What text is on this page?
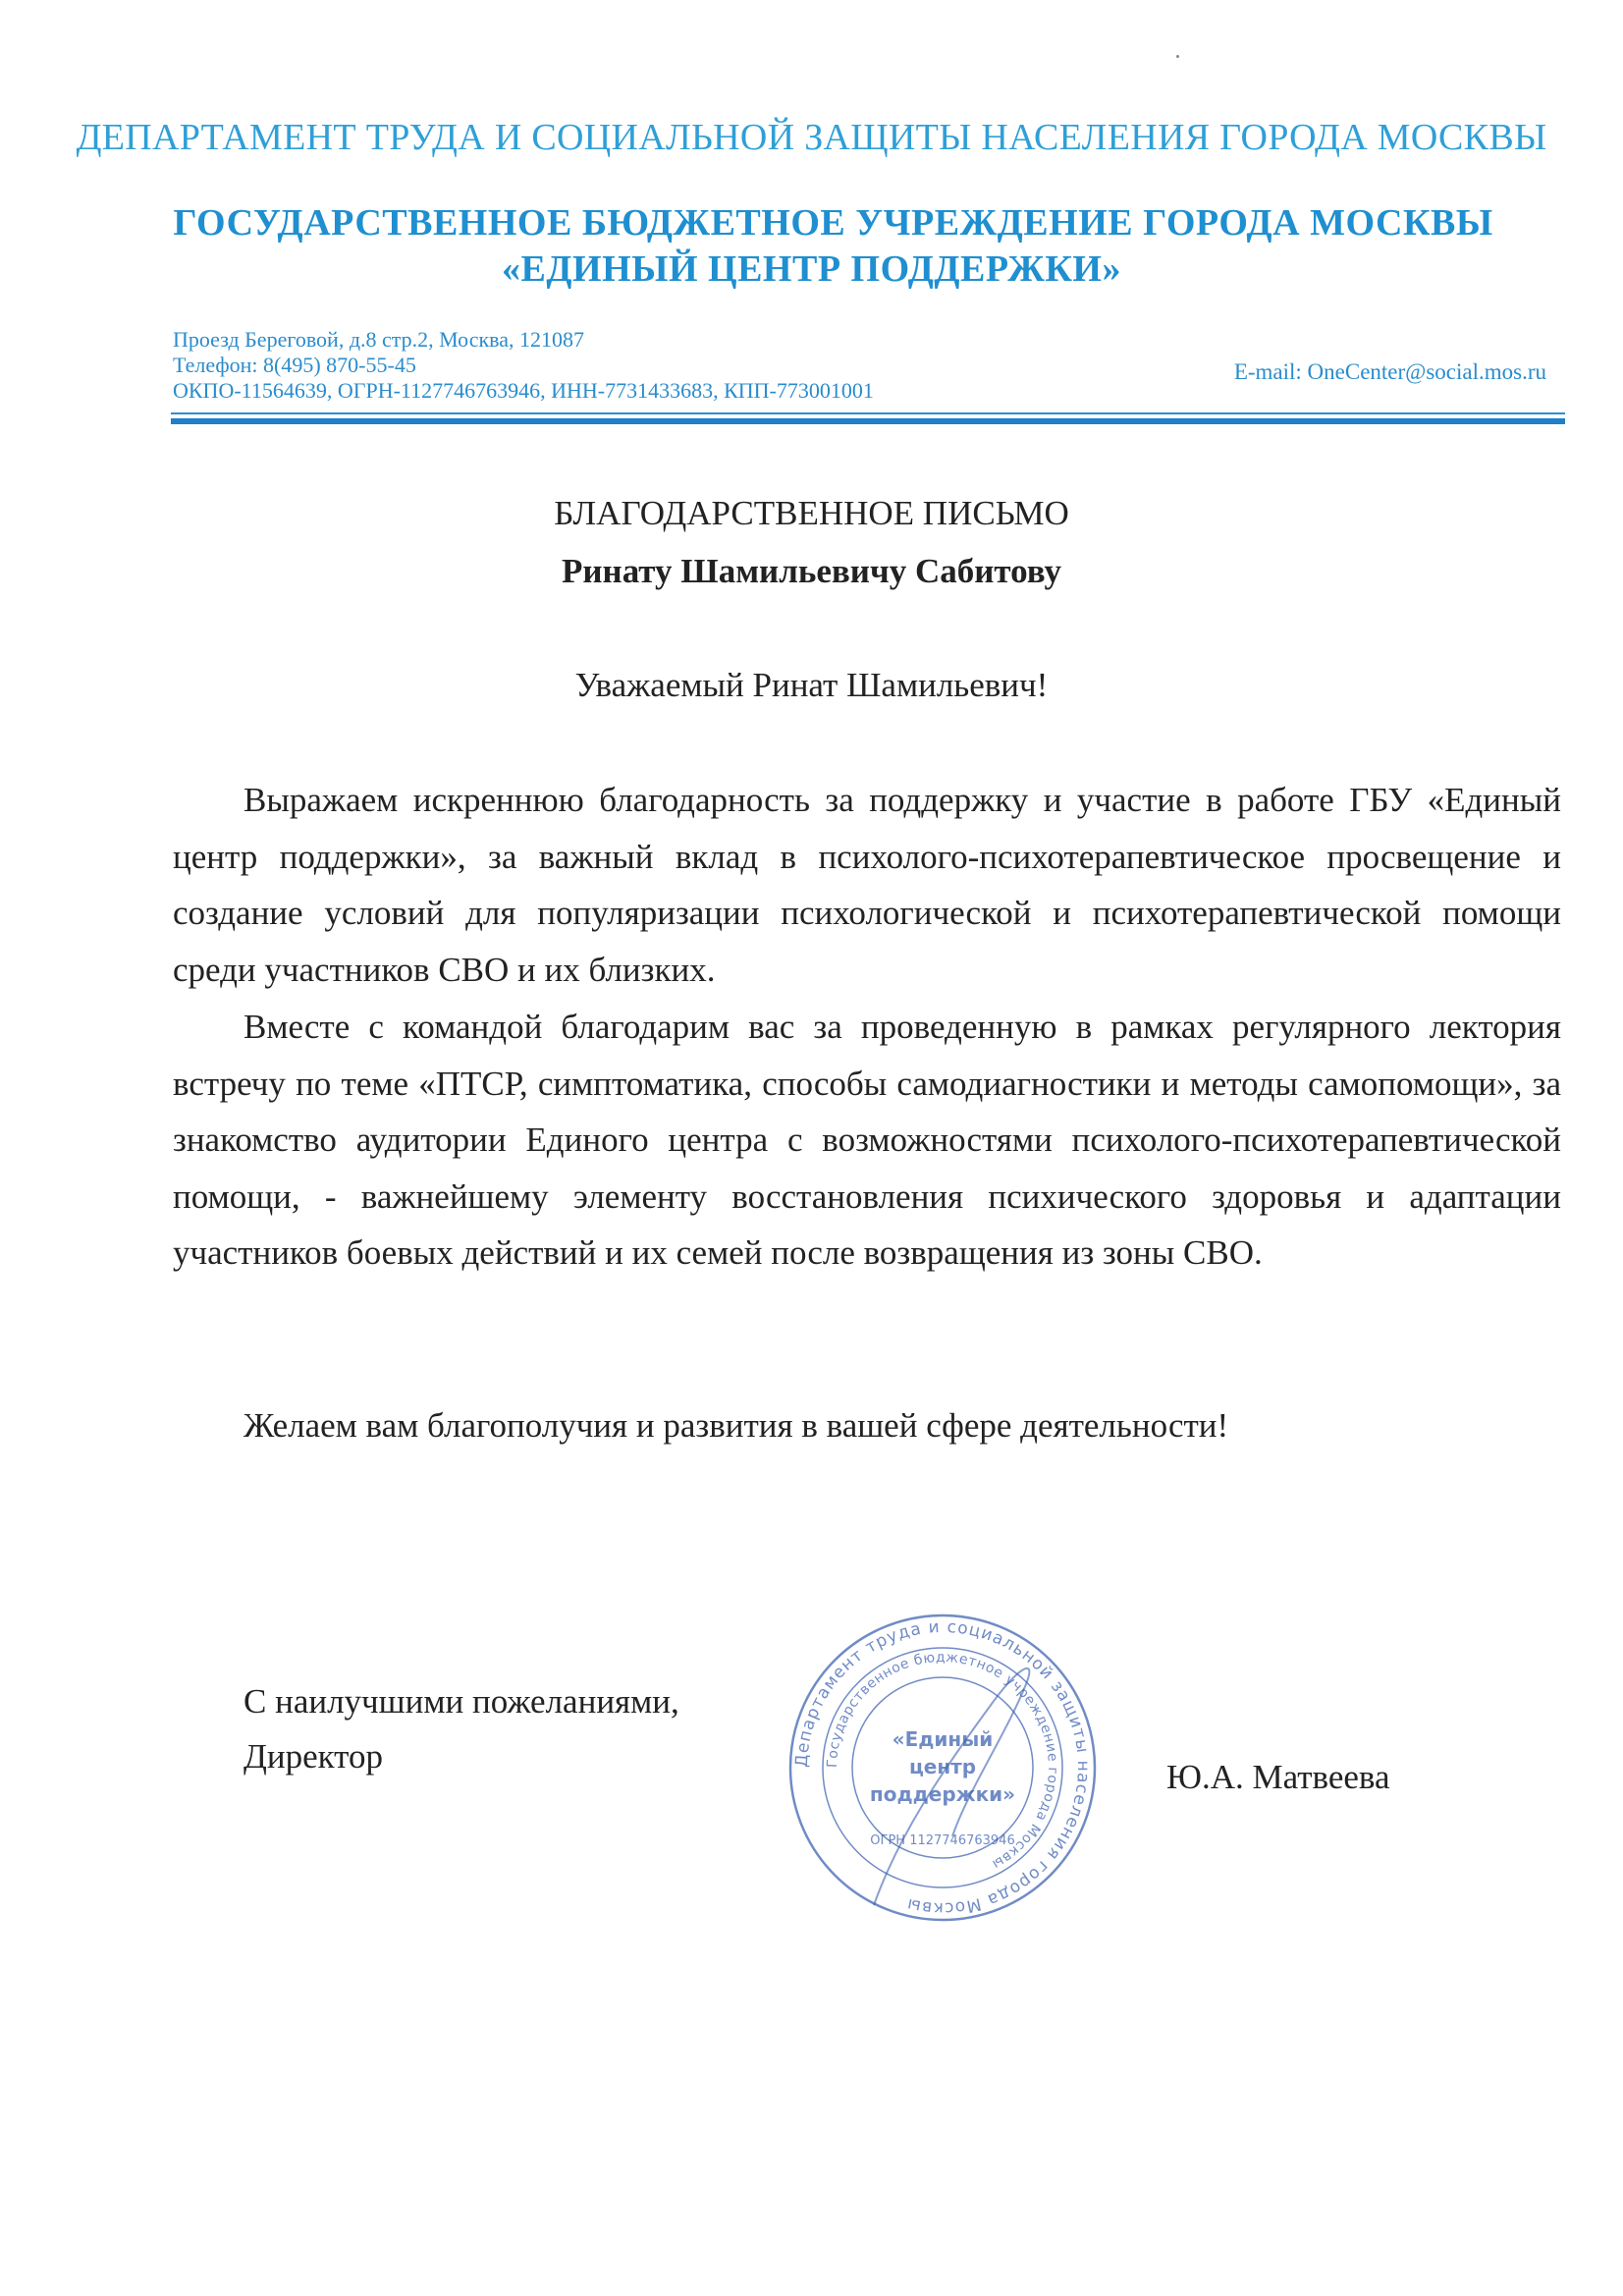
ДЕПАРТАМЕНТ ТРУДА И СОЦИАЛЬНОЙ ЗАЩИТЫ НАСЕЛЕНИЯ ГОРОДА МОСКВЫ
ГОСУДАРСТВЕННОЕ БЮДЖЕТНОЕ УЧРЕЖДЕНИЕ ГОРОДА МОСКВЫ
«ЕДИНЫЙ ЦЕНТР ПОДДЕРЖКИ»
Проезд Береговой, д.8 стр.2, Москва, 121087
Телефон: 8(495) 870-55-45
ОКПО-11564639, ОГРН-1127746763946, ИНН-7731433683, КПП-773001001
E-mail: OneCenter@social.mos.ru
БЛАГОДАРСТВЕННОЕ ПИСЬМО
Ринату Шамильевичу Сабитову
Уважаемый Ринат Шамильевич!

Выражаем искреннюю благодарность за поддержку и участие в работе ГБУ «Единый центр поддержки», за важный вклад в психолого-психотерапевтическое просвещение и создание условий для популяризации психологической и психотерапевтической помощи среди участников СВО и их близких.

Вместе с командой благодарим вас за проведенную в рамках регулярного лектория встречу по теме «ПТСР, симптоматика, способы самодиагностики и методы самопомощи», за знакомство аудитории Единого центра с возможностями психолого-психотерапевтической помощи, - важнейшему элементу восстановления психического здоровья и адаптации участников боевых действий и их семей после возвращения из зоны СВО.

Желаем вам благополучия и развития в вашей сфере деятельности!
С наилучшими пожеланиями,
Директор	Департамент труда и социальной защиты населения города Москвы
Государственное бюджетное учреждение города Москвы
«Единый
центр
поддержки»
ОГРН 1127746763946
Ю.А. Матвеева
